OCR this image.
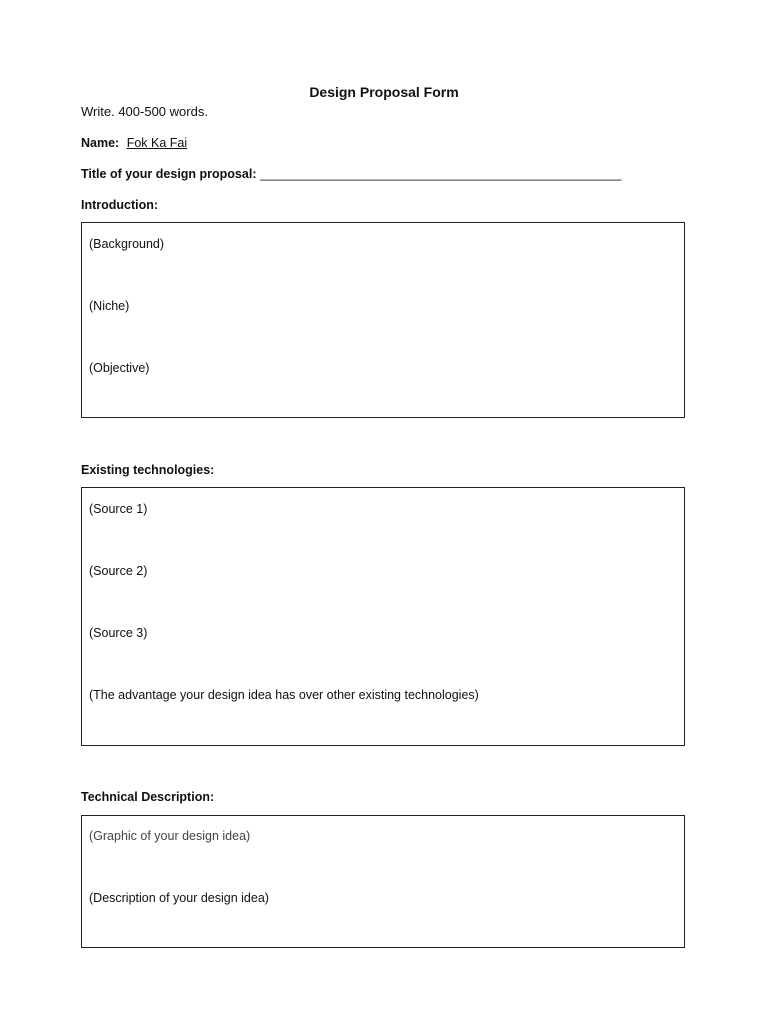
Design Proposal Form
Write. 400-500 words.
Name: Fok Ka Fai
Title of your design proposal: ____________________________________________________
Introduction:
(Background)
(Niche)
(Objective)
Existing technologies:
(Source 1)
(Source 2)
(Source 3)
(The advantage your design idea has over other existing technologies)
Technical Description:
(Graphic of your design idea)
(Description of your design idea)
